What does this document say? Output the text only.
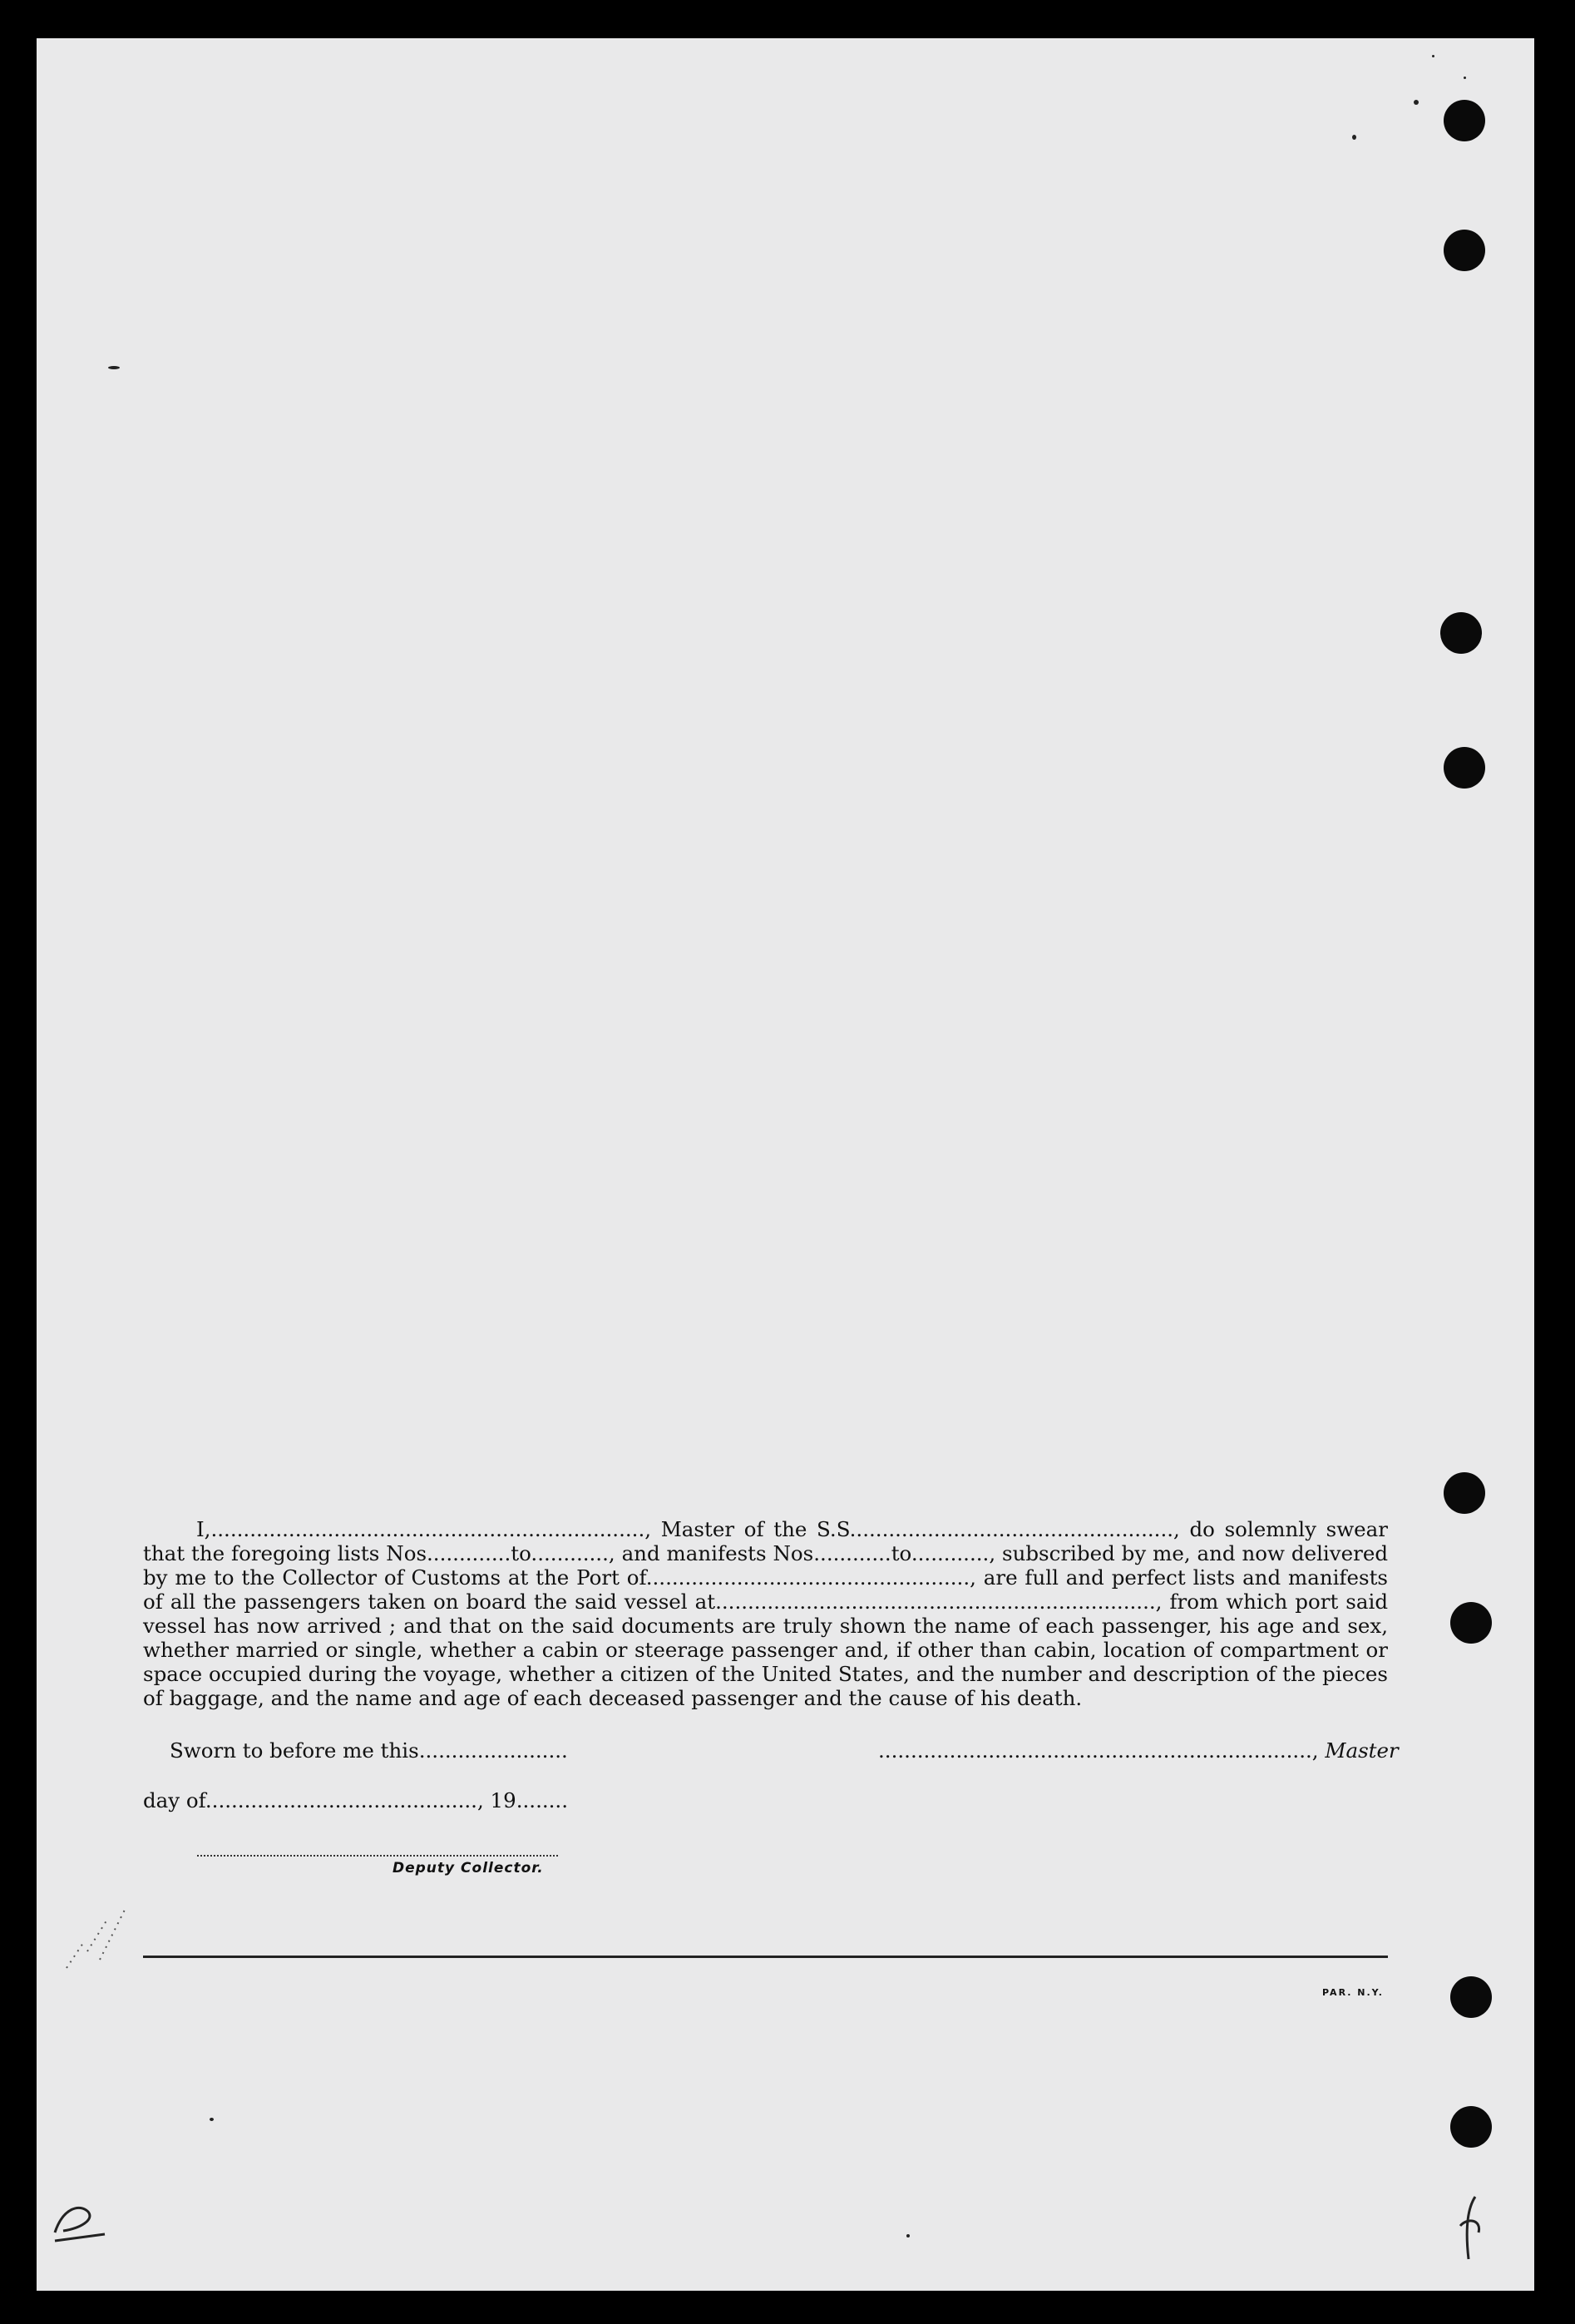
I,..................................................................., Master of the S.S.................................................., do solemnly swear that the foregoing lists Nos.............to............, and manifests Nos............to............, subscribed by me, and now delivered by me to the Collector of Customs at the Port of.................................................., are full and perfect lists and manifests of all the passengers taken on board the said vessel at...................................................................., from which port said vessel has now arrived ; and that on the said documents are truly shown the name of each passenger, his age and sex, whether married or single, whether a cabin or steerage passenger and, if other than cabin, location of compartment or space occupied during the voyage, whether a citizen of the United States, and the number and description of the pieces of baggage, and the name and age of each deceased passenger and the cause of his death.

Sworn to before me this.......................	..................................................................., Master
day of.........................................., 19........
Deputy Collector.
PAR. N.Y.
